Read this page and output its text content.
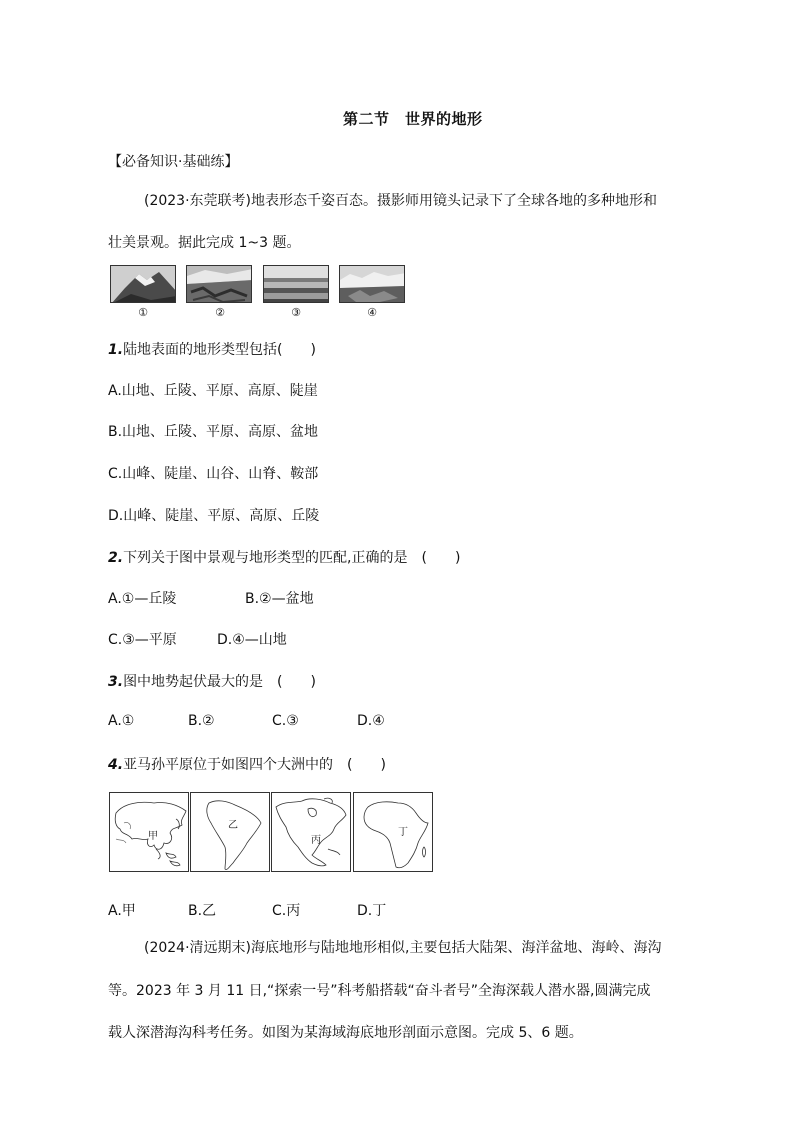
第二节　世界的地形
【必备知识·基础练】
(2023·东莞联考)地表形态千姿百态。摄影师用镜头记录下了全球各地的多种地形和
壮美景观。据此完成 1~3 题。
①	②	③	④
1.陆地表面的地形类型包括(　　)
A.山地、丘陵、平原、高原、陡崖
B.山地、丘陵、平原、高原、盆地
C.山峰、陡崖、山谷、山脊、鞍部
D.山峰、陡崖、平原、高原、丘陵
2.下列关于图中景观与地形类型的匹配,正确的是　(　　)
A.①—丘陵	B.②—盆地
C.③—平原	D.④—山地
3.图中地势起伏最大的是　(　　)
A.①	B.②	C.③	D.④
4.亚马孙平原位于如图四个大洲中的　(　　)
甲
乙
丙
丁
A.甲	B.乙	C.丙	D.丁
(2024·清远期末)海底地形与陆地地形相似,主要包括大陆架、海洋盆地、海岭、海沟
等。2023 年 3 月 11 日,“探索一号”科考船搭载“奋斗者号”全海深载人潜水器,圆满完成
载人深潜海沟科考任务。如图为某海域海底地形剖面示意图。完成 5、6 题。
